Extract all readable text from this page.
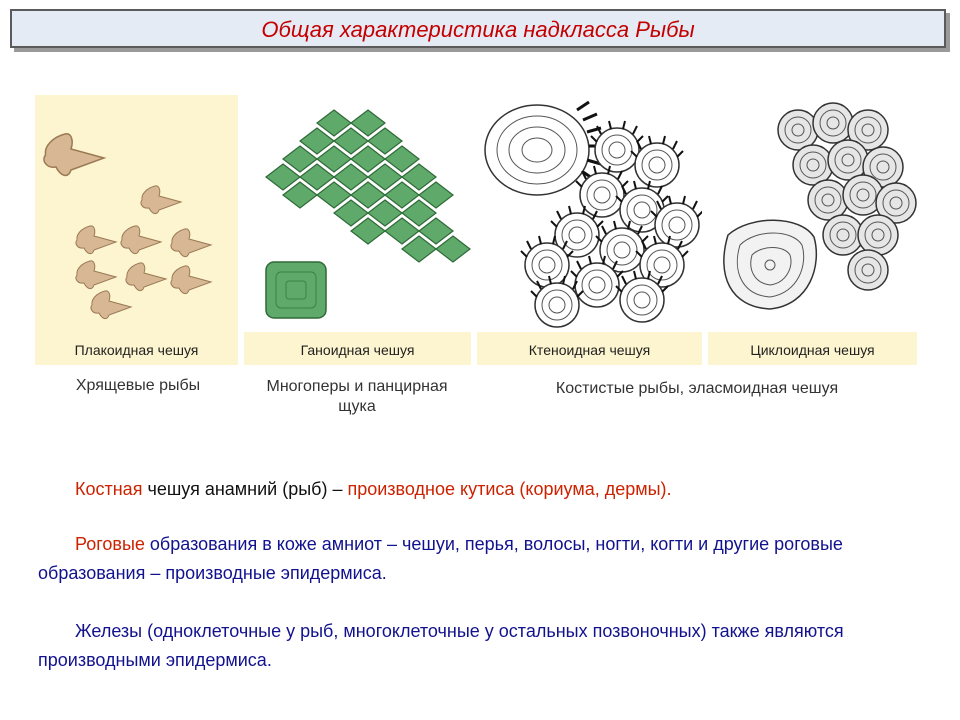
Общая характеристика надкласса Рыбы
Плакоидная чешуя	Ганоидная чешуя	Ктеноидная чешуя	Циклоидная чешуя
Хрящевые рыбы	Многоперы и панцирная
щука
Костистые рыбы, эласмоидная чешуя
Костная чешуя анамний (рыб) – производное кутиса (кориума, дермы).
Роговые образования в коже амниот – чешуи, перья, волосы, ногти, когти и другие роговые образования – производные эпидермиса.
Железы (одноклеточные у рыб, многоклеточные у остальных позвоночных) также являются производными эпидермиса.
